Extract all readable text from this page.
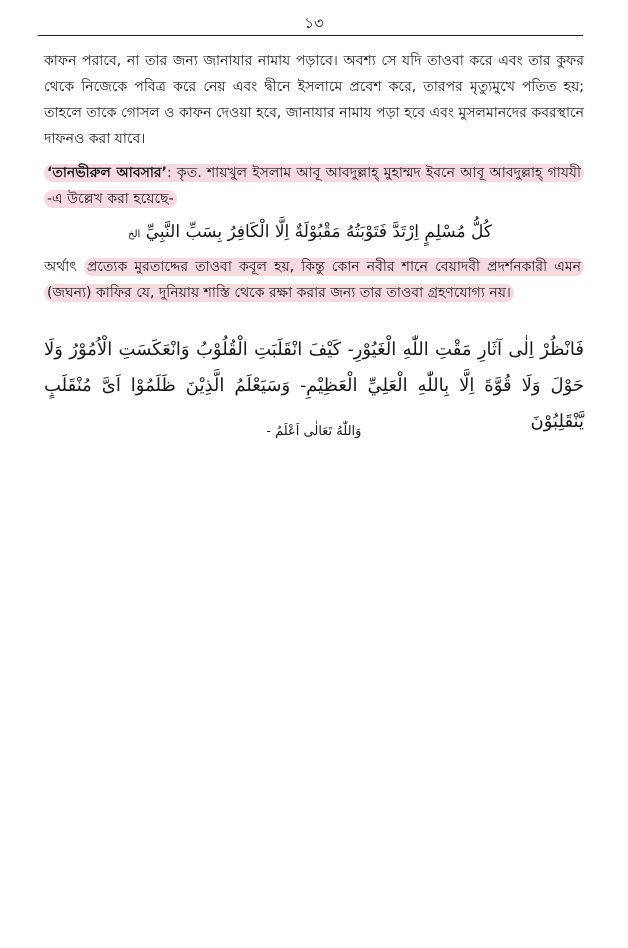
১৩
কাফন পরাবে, না তার জন্য জানাযার নামায পড়াবে। অবশ্য সে যদি তাওবা করে এবং তার কুফর থেকে নিজেকে পবিত্র করে নেয় এবং দ্বীনে ইসলামে প্রবেশ করে, তারপর মৃত্যুমুখে পতিত হয়; তাহলে তাকে গোসল ও কাফন দেওয়া হবে, জানাযার নামায পড়া হবে এবং মুসলমানদের কবরস্থানে দাফনও করা যাবে।
‘তানভীরুল আবসার’: কৃত. শায়খুল ইসলাম আবূ আবদুল্লাহ্ মুহাম্মদ ইবনে আবূ আবদুল্লাহ্ গাযযী -এ উল্লেখ করা হয়েছে-
كُلُّ مُسْلِمٍ اِرْتَدَّ فَتَوْبَتُهُ مَقْبُوْلَةٌ اِلَّا الْكَافِرُ بِسَبِّ النَّبِيِّ الخ
অর্থাৎ প্রত্যেক মুরতাদ্দের তাওবা কবূল হয়, কিন্তু কোন নবীর শানে বেয়াদবী প্রদর্শনকারী এমন (জঘন্য) কাফির যে, দুনিয়ায় শাস্তি থেকে রক্ষা করার জন্য তার তাওবা গ্রহণযোগ্য নয়।
فَانْظُرْ اِلٰى آثَارِ مَقْتِ اللّٰهِ الْغَيُوْرِ- كَيْفَ انْقَلَبَتِ الْقُلُوْبُ وَانْعَكَسَتِ الْاُمُوْرُ وَلَا حَوْلَ وَلَا قُوَّةَ اِلَّا بِاللّٰهِ الْعَلِيِّ الْعَظِيْمِ- وَسَيَعْلَمُ الَّذِيْنَ ظَلَمُوْا اَیَّ مُنْقَلَبٍ يَّنْقَلِبُوْنَ
وَاللّٰهُ تَعَالٰى اَعْلَمُ -
